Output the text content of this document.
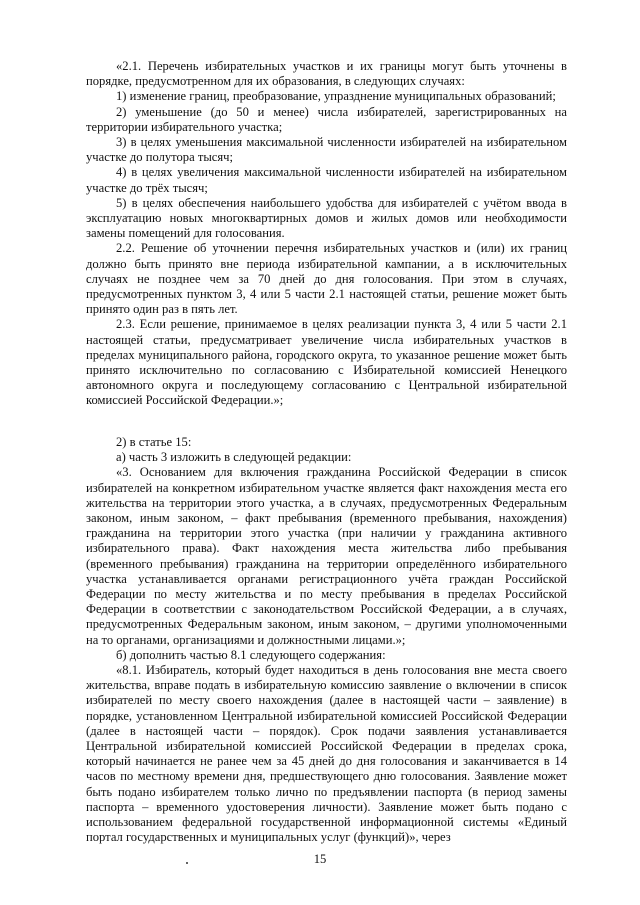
«2.1. Перечень избирательных участков и их границы могут быть уточнены в порядке, предусмотренном для их образования, в следующих случаях:

1) изменение границ, преобразование, упразднение муниципальных образований;

2) уменьшение (до 50 и менее) числа избирателей, зарегистрированных на территории избирательного участка;

3) в целях уменьшения максимальной численности избирателей на избирательном участке до полутора тысяч;

4) в целях увеличения максимальной численности избирателей на избирательном участке до трёх тысяч;

5) в целях обеспечения наибольшего удобства для избирателей с учётом ввода в эксплуатацию новых многоквартирных домов и жилых домов или необходимости замены помещений для голосования.

2.2. Решение об уточнении перечня избирательных участков и (или) их границ должно быть принято вне периода избирательной кампании, а в исключительных случаях не позднее чем за 70 дней до дня голосования. При этом в случаях, предусмотренных пунктом 3, 4 или 5 части 2.1 настоящей статьи, решение может быть принято один раз в пять лет.

2.3. Если решение, принимаемое в целях реализации пункта 3, 4 или 5 части 2.1 настоящей статьи, предусматривает увеличение числа избирательных участков в пределах муниципального района, городского округа, то указанное решение может быть принято исключительно по согласованию с Избирательной комиссией Ненецкого автономного округа и последующему согласованию с Центральной избирательной комиссией Российской Федерации.»;

2) в статье 15:

а) часть 3 изложить в следующей редакции:

«3. Основанием для включения гражданина Российской Федерации в список избирателей на конкретном избирательном участке является факт нахождения места его жительства на территории этого участка, а в случаях, предусмотренных Федеральным законом, иным законом, – факт пребывания (временного пребывания, нахождения) гражданина на территории этого участка (при наличии у гражданина активного избирательного права). Факт нахождения места жительства либо пребывания (временного пребывания) гражданина на территории определённого избирательного участка устанавливается органами регистрационного учёта граждан Российской Федерации по месту жительства и по месту пребывания в пределах Российской Федерации в соответствии с законодательством Российской Федерации, а в случаях, предусмотренных Федеральным законом, иным законом, – другими уполномоченными на то органами, организациями и должностными лицами.»;

б) дополнить частью 8.1 следующего содержания:

«8.1. Избиратель, который будет находиться в день голосования вне места своего жительства, вправе подать в избирательную комиссию заявление о включении в список избирателей по месту своего нахождения (далее в настоящей части – заявление) в порядке, установленном Центральной избирательной комиссией Российской Федерации (далее в настоящей части – порядок). Срок подачи заявления устанавливается Центральной избирательной комиссией Российской Федерации в пределах срока, который начинается не ранее чем за 45 дней до дня голосования и заканчивается в 14 часов по местному времени дня, предшествующего дню голосования. Заявление может быть подано избирателем только лично по предъявлении паспорта (в период замены паспорта – временного удостоверения личности). Заявление может быть подано с использованием федеральной государственной информационной системы «Единый портал государственных и муниципальных услуг (функций)», через

15
